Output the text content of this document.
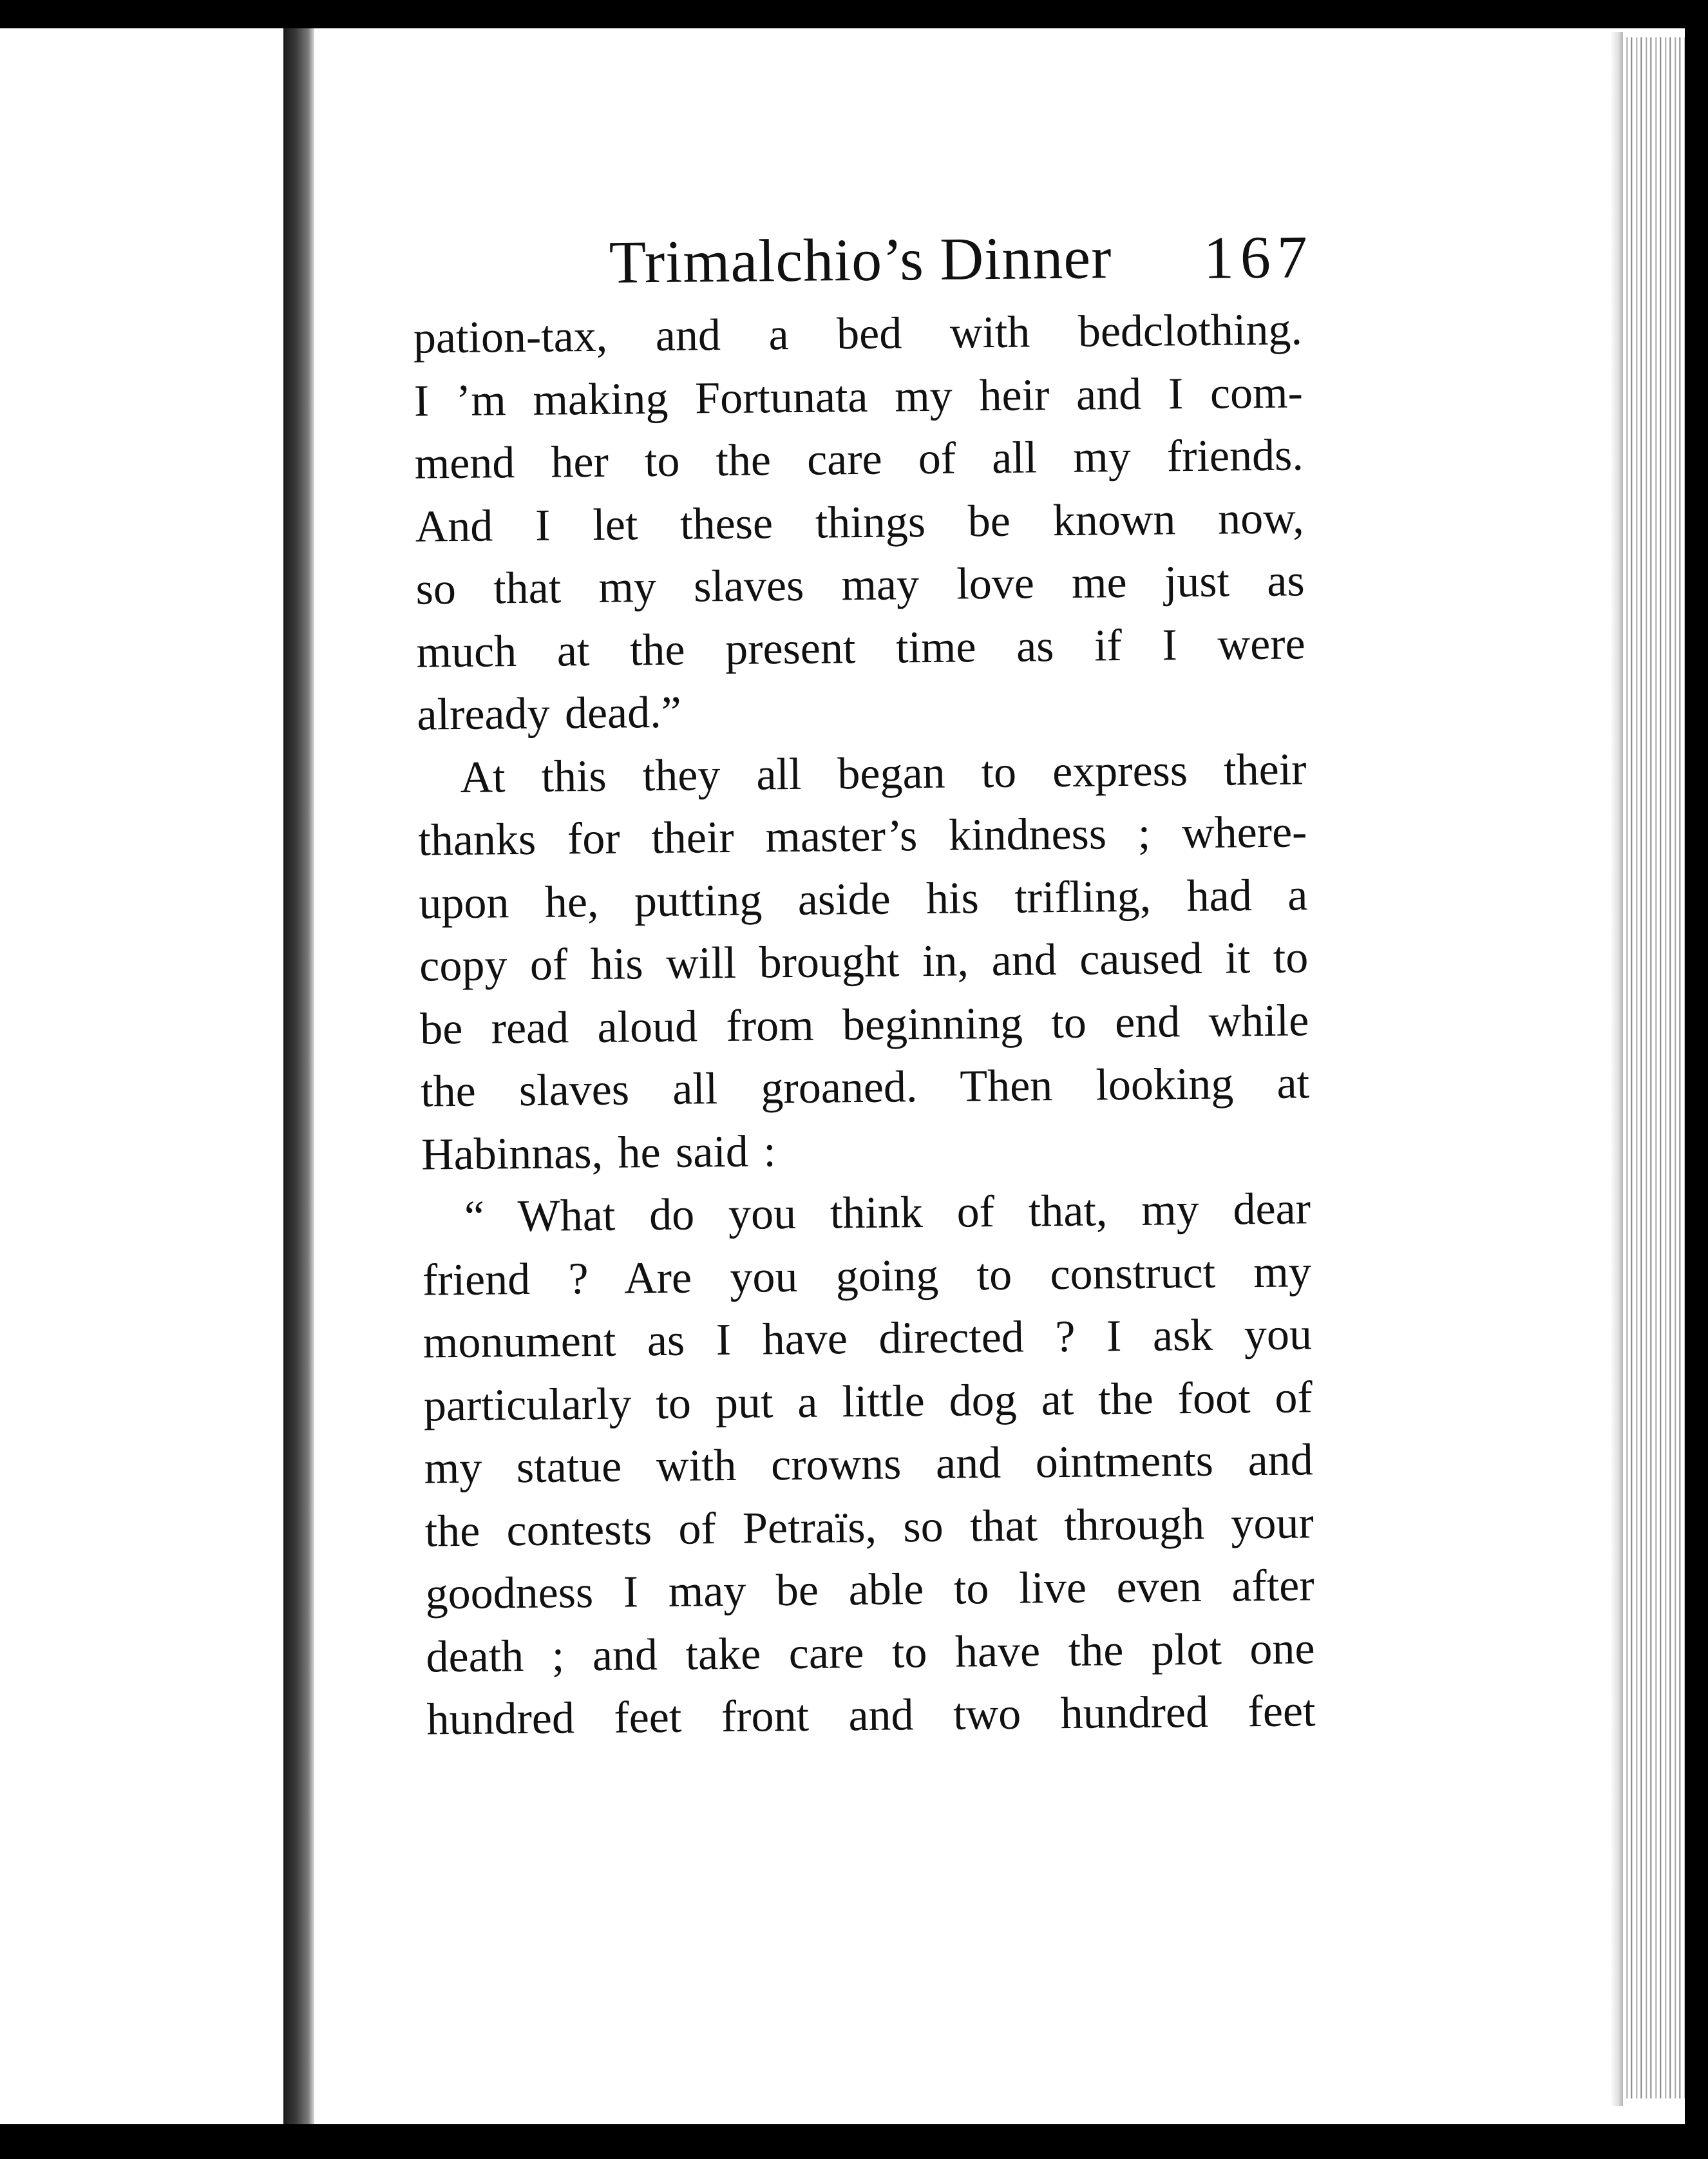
Trimalchio’s Dinner 167
pation-tax, and a bed with bedclothing.
I ’m making Fortunata my heir and I com-
mend her to the care of all my friends.
And I let these things be known now,
so that my slaves may love me just as
much at the present time as if I were
already dead.”
At this they all began to express their
thanks for their master’s kindness ; where-
upon he, putting aside his trifling, had a
copy of his will brought in, and caused it to
be read aloud from beginning to end while
the slaves all groaned. Then looking at
Habinnas, he said :
“ What do you think of that, my dear
friend ? Are you going to construct my
monument as I have directed ? I ask you
particularly to put a little dog at the foot of
my statue with crowns and ointments and
the contests of Petraïs, so that through your
goodness I may be able to live even after
death ; and take care to have the plot one
hundred feet front and two hundred feet
